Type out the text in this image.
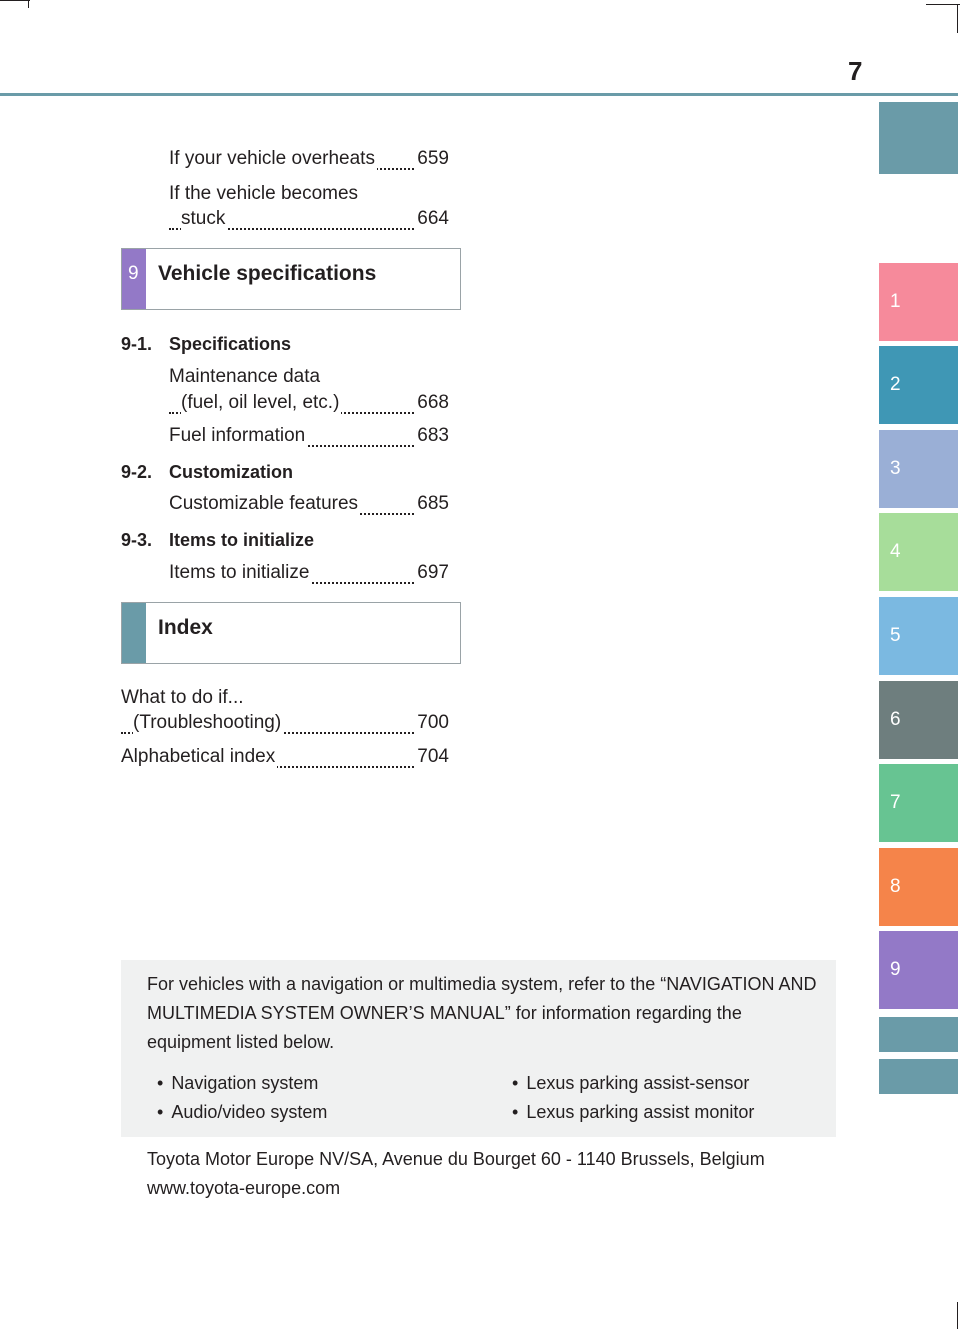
7
1
2
3
4
5
6
7
8
9
If your vehicle overheats 659
If the vehicle becomes
stuck	664
9 Vehicle specifications
9-1. Specifications
Maintenance data
(fuel, oil level, etc.)	668
Fuel information	683
9-2. Customization
Customizable features	685
9-3. Items to initialize
Items to initialize	697
Index
What to do if...
(Troubleshooting)	700
Alphabetical index	704
For vehicles with a navigation or multimedia system, refer to the “NAVIGATION AND MULTIMEDIA SYSTEM OWNER’S MANUAL” for information regarding the equipment listed below.
• Navigation system
• Audio/video system
• Lexus parking assist-sensor
• Lexus parking assist monitor
Toyota Motor Europe NV/SA, Avenue du Bourget 60 - 1140 Brussels, Belgium www.toyota-europe.com
